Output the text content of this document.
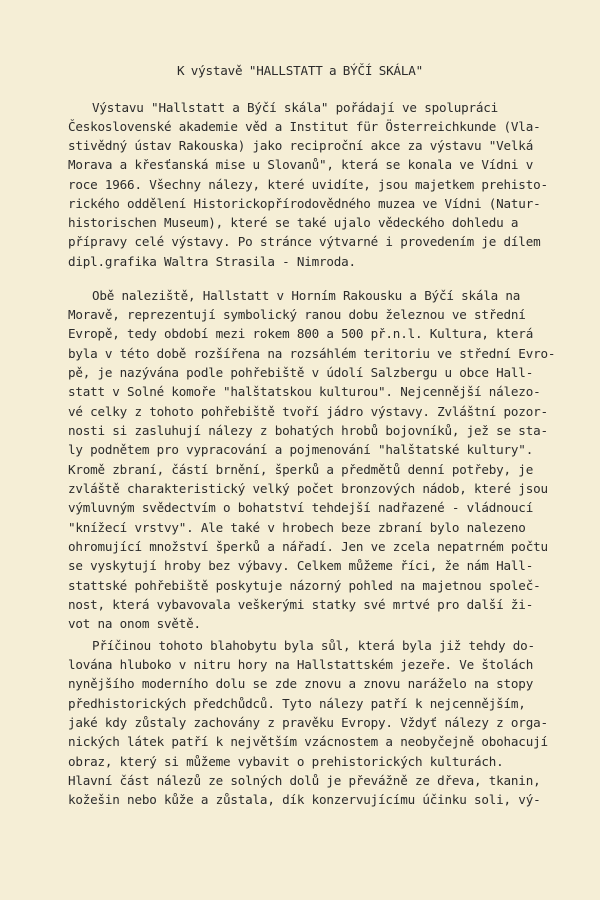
K výstavě "HALLSTATT a BÝČÍ SKÁLA"
Výstavu "Hallstatt a Býčí skála" pořádají ve spolupráci
Československé akademie věd a Institut für Österreichkunde (Vla-
stivědný ústav Rakouska) jako reciproční akce za výstavu "Velká
Morava a křesťanská mise u Slovanů", která se konala ve Vídni v
roce 1966. Všechny nálezy, které uvidíte, jsou majetkem prehisto-
rického oddělení Historickopřírodovědného muzea ve Vídni (Natur-
historischen Museum), které se také ujalo vědeckého dohledu a
přípravy celé výstavy. Po stránce výtvarné i provedením je dílem
dipl.grafika Waltra Strasila - Nimroda.
Obě naleziště, Hallstatt v Horním Rakousku a Býčí skála na
Moravě, reprezentují symbolický ranou dobu železnou ve střední
Evropě, tedy období mezi rokem 800 a 500 př.n.l. Kultura, která
byla v této době rozšířena na rozsáhlém teritoriu ve střední Evro-
pě, je nazývána podle pohřebiště v údolí Salzbergu u obce Hall-
statt v Solné komoře "halštatskou kulturou". Nejcennější nálezo-
vé celky z tohoto pohřebiště tvoří jádro výstavy. Zvláštní pozor-
nosti si zasluhují nálezy z bohatých hrobů bojovníků, jež se sta-
ly podnětem pro vypracování a pojmenování "halštatské kultury".
Kromě zbraní, částí brnění, šperků a předmětů denní potřeby, je
zvláště charakteristický velký počet bronzových nádob, které jsou
výmluvným svědectvím o bohatství tehdejší nadřazené - vládnoucí
"knížecí vrstvy". Ale také v hrobech beze zbraní bylo nalezeno
ohromující množství šperků a nářadí. Jen ve zcela nepatrném počtu
se vyskytují hroby bez výbavy. Celkem můžeme říci, že nám Hall-
stattské pohřebiště poskytuje názorný pohled na majetnou společ-
nost, která vybavovala veškerými statky své mrtvé pro další ži-
vot na onom světě.
Příčinou tohoto blahobytu byla sůl, která byla již tehdy do-
lována hluboko v nitru hory na Hallstattském jezeře. Ve štolách
nynějšího moderního dolu se zde znovu a znovu naráželo na stopy
předhistorických předchůdců. Tyto nálezy patří k nejcennějším,
jaké kdy zůstaly zachovány z pravěku Evropy. Vždyť nálezy z orga-
nických látek patří k největším vzácnostem a neobyčejně obohacují
obraz, který si můžeme vybavit o prehistorických kulturách.
Hlavní část nálezů ze solných dolů je převážně ze dřeva, tkanin,
kožešin nebo kůže a zůstala, dík konzervujícímu účinku soli, vý-
